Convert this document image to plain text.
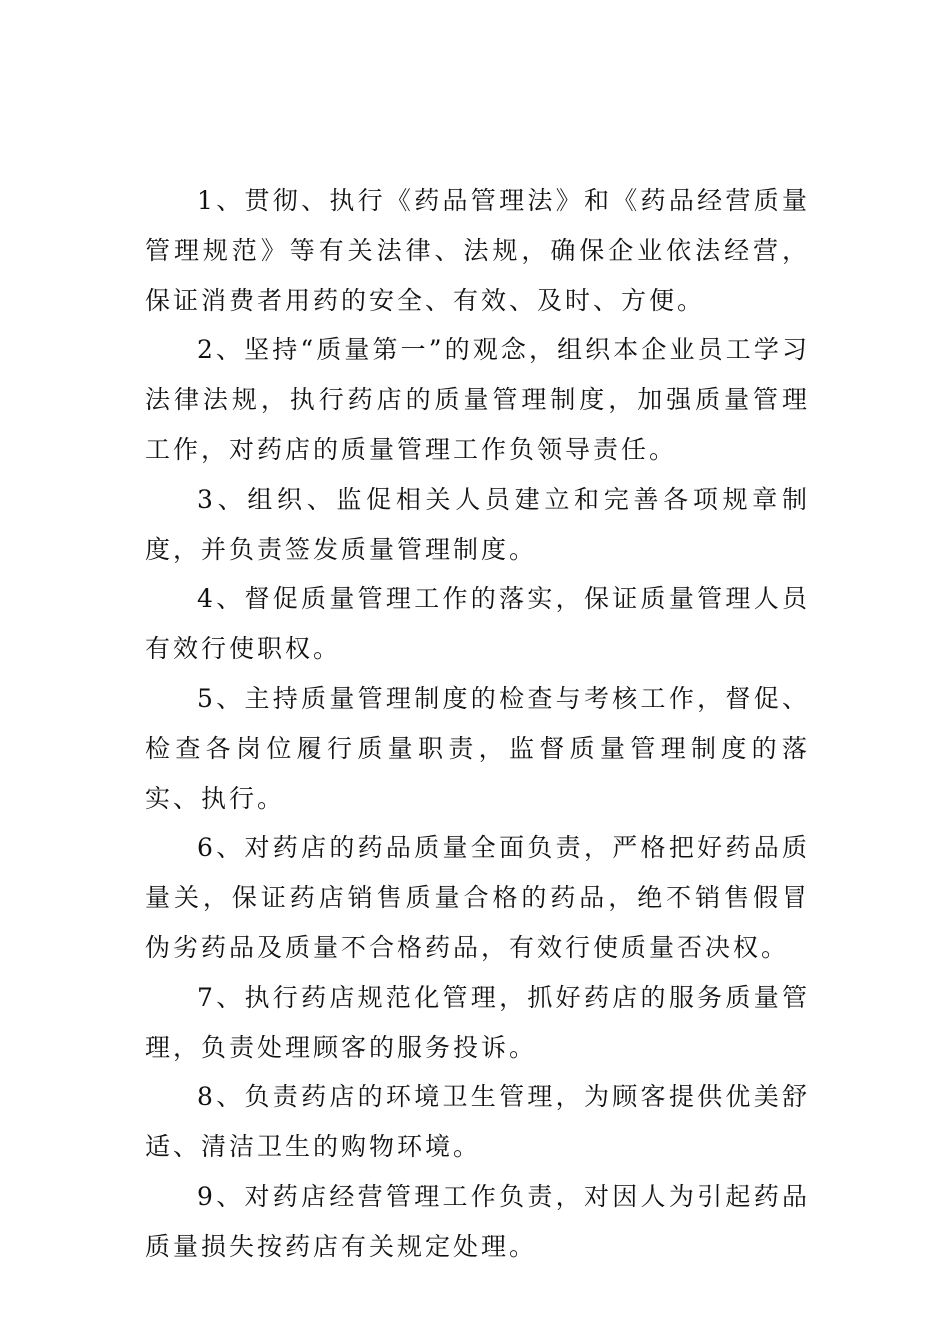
1、贯彻、执行《药品管理法》和《药品经营质量管理规范》等有关法律、法规，确保企业依法经营，保证消费者用药的安全、有效、及时、方便。

2、坚持“质量第一”的观念，组织本企业员工学习法律法规，执行药店的质量管理制度，加强质量管理工作，对药店的质量管理工作负领导责任。

3、组织、监促相关人员建立和完善各项规章制度，并负责签发质量管理制度。

4、督促质量管理工作的落实，保证质量管理人员有效行使职权。

5、主持质量管理制度的检查与考核工作，督促、检查各岗位履行质量职责，监督质量管理制度的落实、执行。

6、对药店的药品质量全面负责，严格把好药品质量关，保证药店销售质量合格的药品，绝不销售假冒伪劣药品及质量不合格药品，有效行使质量否决权。

7、执行药店规范化管理，抓好药店的服务质量管理，负责处理顾客的服务投诉。

8、负责药店的环境卫生管理，为顾客提供优美舒适、清洁卫生的购物环境。

9、对药店经营管理工作负责，对因人为引起药品质量损失按药店有关规定处理。
